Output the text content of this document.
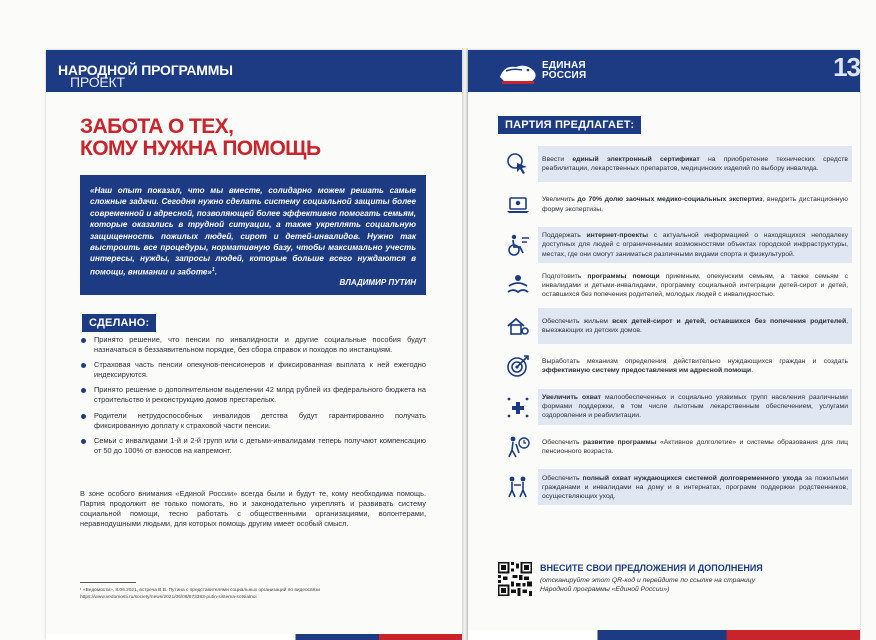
ПРОЕКТ
НАРОДНОЙ ПРОГРАММЫ
ЗАБОТА О ТЕХ,
КОМУ НУЖНА ПОМОЩЬ

«Наш опыт показал, что мы вместе, солидарно можем решать самые сложные задачи. Сегодня нужно сделать систему социальной защиты более современной и адресной, позволяющей более эффективно помогать семьям, которые оказались в трудной ситуации, а также укреплять социальную защищенность пожилых людей, сирот и детей-инвалидов. Нужно так выстроить все процедуры, нормативную базу, чтобы максимально учесть интересы, нужды, запросы людей, которые больше всего нуждаются в помощи, внимании и заботе»$^1$.

ВЛАДИМИР ПУТИН
СДЕЛАНО:
Принято решение, что пенсии по инвалидности и другие социальные пособия будут назначаться в беззаявительном порядке, без сбора справок и походов по инстанциям.
Страховая часть пенсии опекунов-пенсионеров и фиксированная выплата к ней ежегодно индексируются.
Принято решение о дополнительном выделении 42 млрд рублей из федерального бюджета на строительство и реконструкцию домов престарелых.
Родители нетрудоспособных инвалидов детства будут гарантированно получать фиксированную доплату к страховой части пенсии.
Семьи с инвалидами 1-й и 2-й групп или с детьми-инвалидами теперь получают компенсацию от 50 до 100% от взносов на капремонт.
В зоне особого внимания «Единой России» всегда были и будут те, кому необходима помощь. Партия продолжит не только помогать, но и законодательно укреплять и развивать систему социальной помощи, тесно работать с общественными организациями, волонтерами, неравнодушными людьми, для которых помощь другим имеет особый смысл.
¹ «Ведомости», 8.06.2021, встреча В.В. Путина с представителями социальных организаций по видеосвязи https://www.vedomosti.ru/society/news/2021/06/08/873383-putin-sistema-sotsialnoi
ЕДИНАЯ
РОССИЯ	13
ПАРТИЯ ПРЕДЛАГАЕТ:
Ввести единый электронный сертификат на приобретение технических средств реабилитации, лекарственных препаратов, медицинских изделий по выбору инвалида.
Увеличить до 70% долю заочных медико-социальных экспертиз, внедрить дистанционную форму экспертизы.
Поддержать интернет-проекты с актуальной информацией о находящихся неподалеку доступных для людей с ограниченными возможностями объектах городской инфраструктуры, местах, где они смогут заниматься различными видами спорта и физкультурой.
Подготовить программы помощи приемным, опекунским семьям, а также семьям с инвалидами и детьми-инвалидами, программу социальной интеграции детей-сирот и детей, оставшихся без попечения родителей, молодых людей с инвалидностью.
Обеспечить жильем всех детей-сирот и детей, оставшихся без попечения родителей, выезжающих из детских домов.
Выработать механизм определения действительно нуждающихся граждан и создать эффективную систему предоставления им адресной помощи.
Увеличить охват малообеспеченных и социально уязвимых групп населения различными формами поддержки, в том числе льготным лекарственным обеспечением, услугами оздоровления и реабилитации.
Обеспечить развитие программы «Активное долголетие» и системы образования для лиц пенсионного возраста.
Обеспечить полный охват нуждающихся системой долговременного ухода за пожилыми гражданами и инвалидами на дому и в интернатах, программ поддержки родственников, осуществляющих уход.
ВНЕСИТЕ СВОИ ПРЕДЛОЖЕНИЯ И ДОПОЛНЕНИЯ
(отсканируйте этот QR-код и перейдите по ссылке на страницу Народной программы «Единой России»)
